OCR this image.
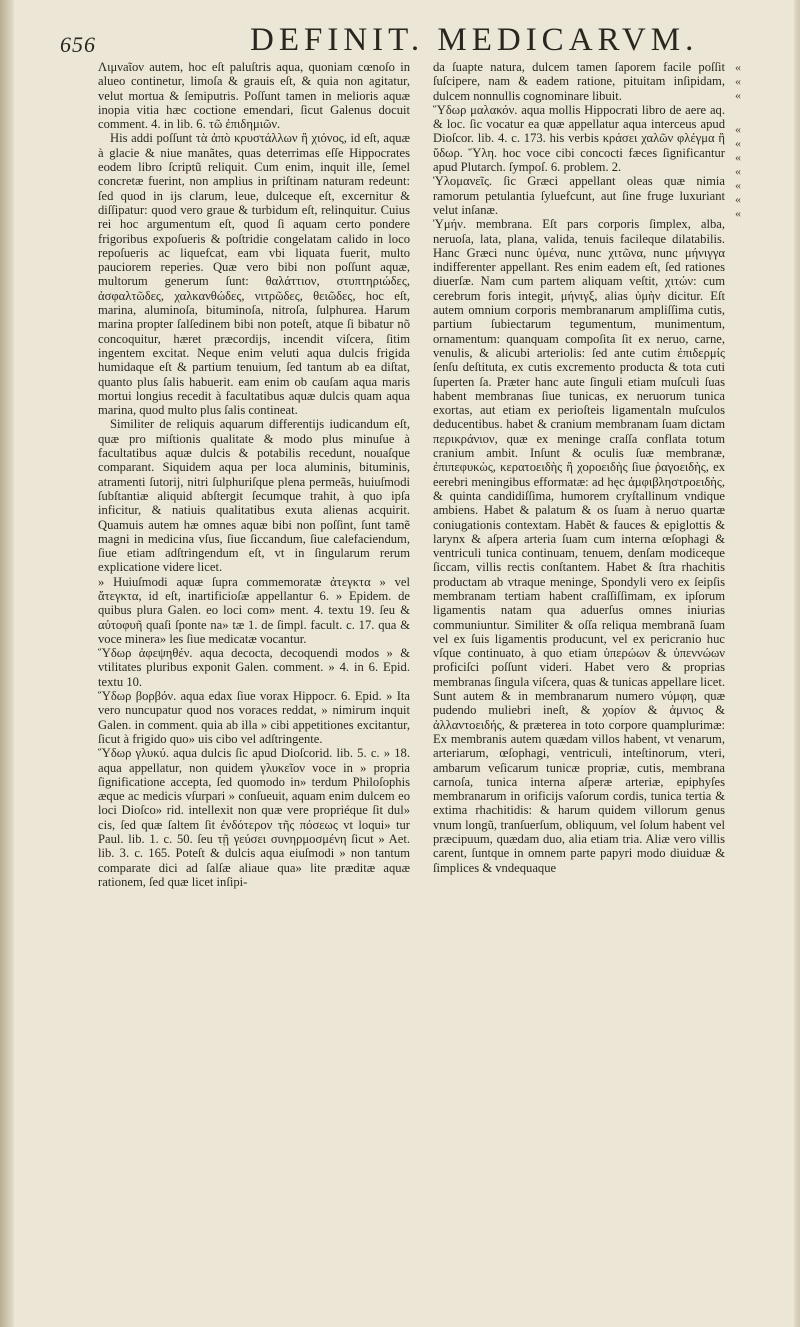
656	DEFINIT. MEDICARVM.

Λιμνaῖον autem, hoc eſt paluſtris aqua, quoniam cœnoſo in alueo continetur, limoſa & grauis eſt, & quia non agitatur, velut mortua & ſemiputris. Poſſunt tamen in melioris aquæ inopia vitia hæc coctione emendari, ſicut Galenus docuit comment. 4. in lib. 6. τῶ ἐπιδημιῶν.

His addi poſſunt τὰ ἀπὸ κρυστάλλων ἢ χιόνος, id eſt, aquæ à glacie & niue manãtes, quas deterrimas eſſe Hippocrates eodem libro ſcriptũ reliquit. Cum enim, inquit ille, ſemel concretæ fuerint, non amplius in priſtinam naturam redeunt: ſed quod in ijs clarum, leue, dulceque eſt, excernitur & diſſipatur: quod vero graue & turbidum eſt, relinquitur. Cuius rei hoc argumentum eſt, quod ſi aquam certo pondere frigoribus expoſueris & poſtridie congelatam calido in loco repoſueris ac liquefcat, eam vbi liquata fuerit, multo pauciorem reperies. Quæ vero bibi non poſſunt aquæ, multorum generum ſunt: θαλάττιον, στυπτηριώδες, ἀσφαλτῶδες, χαλκανθώδες, νιτρῶδες, θειῶδες, hoc eſt, marina, aluminoſa, bituminoſa, nitroſa, ſulphurea. Harum marina propter ſalſedinem bibi non poteſt, atque ſi bibatur nõ concoquitur, hæret præcordijs, incendit viſcera, ſitim ingentem excitat. Neque enim veluti aqua dulcis frigida humidaque eſt & partium tenuium, ſed tantum ab ea diſtat, quanto plus ſalis habuerit. eam enim ob cauſam aqua maris mortui longius recedit à facultatibus aquæ dulcis quam aqua marina, quod multo plus ſalis contineat.

Similiter de reliquis aquarum differentijs iudicandum eſt, quæ pro miſtionis qualitate & modo plus minuſue à facultatibus aquæ dulcis & potabilis recedunt, nouaſque comparant. Siquidem aqua per loca aluminis, bituminis, atramenti ſutorij, nitri ſulphuriſque plena permeãs, huiuſmodi ſubſtantiæ aliquid abſtergit ſecumque trahit, à quo ipſa inficitur, & natiuis qualitatibus exuta alienas acquirit. Quamuis autem hæ omnes aquæ bibi non poſſint, ſunt tamẽ magni in medicina vſus, ſiue ſiccandum, ſiue calefaciendum, ſiue etiam adſtringendum eſt, vt in ſingularum rerum explicatione videre licet.

» Huiuſmodi aquæ ſupra commemoratæ ἀτεγκτα » vel ἄτεγκτα, id eſt, inartificioſæ appellantur 6. » Epidem. de quibus plura Galen. eo loci com» ment. 4. textu 19. ſeu & αὐτοφυῆ quaſi ſponte na» tæ 1. de ſimpl. facult. c. 17. qua & voce minera» les ſiue medicatæ vocantur.

Ὕδωρ ἀφεψηθέν. aqua decocta, decoquendi modos » & vtilitates pluribus exponit Galen. comment. » 4. in 6. Epid. textu 10.

Ὕδωρ βορβόν. aqua edax ſiue vorax Hippocr. 6. Epid. » Ita vero nuncupatur quod nos voraces reddat, » nimirum inquit Galen. in comment. quia ab illa » cibi appetitiones excitantur, ſicut à frigido quo» uis cibo vel adſtringente.

Ὕδωρ γλυκύ. aqua dulcis ſic apud Dioſcorid. lib. 5. c. » 18. aqua appellatur, non quidem γλυκεῖον voce in » propria ſignificatione accepta, ſed quomodo in» terdum Philoſophis æque ac medicis vſurpari » conſueuit, aquam enim dulcem eo loci Dioſco» rid. intellexit non quæ vere propriéque ſit dul» cis, ſed quæ ſaltem ſit ἐνδότερον τῆς πόσεως vt loqui» tur Paul. lib. 1. c. 50. ſeu τῇ γεύσει συνηρμοσμένη ſicut » Aet. lib. 3. c. 165. Poteſt & dulcis aqua eiuſmodi » non tantum comparate dici ad ſalſæ aliaue qua» lite præditæ aquæ rationem, ſed quæ licet inſipi-

da ſuapte natura, dulcem tamen ſaporem facile poſſit ſuſcipere, nam & eadem ratione, pituitam inſipidam, dulcem nonnullis cognominare libuit.

Ὕδωρ μαλακόν. aqua mollis Hippocrati libro de aere aq. & loc. ſic vocatur ea quæ appellatur aqua interceus apud Dioſcor. lib. 4. c. 173. his verbis κράσει χαλῶν φλέγμα ἢ ὕδωρ. Ὕλη. hoc voce cibi concocti fæces ſignificantur apud Plutarch. ſympoſ. 6. problem. 2.

Ὑλομανεῖς. ſic Græci appellant oleas quæ nimia ramorum petulantia ſyluefcunt, aut ſine fruge luxuriant velut inſanæ.

Ὑμήν. membrana. Eſt pars corporis ſimplex, alba, neruoſa, lata, plana, valida, tenuis facileque dilatabilis. Hanc Græci nunc ὑμένα, nunc χιτῶνα, nunc μήνιγγα indifferenter appellant. Res enim eadem eſt, ſed rationes diuerſæ. Nam cum partem aliquam veſtit, χιτών: cum cerebrum foris integit, μήνιγξ, alias ὑμὴν dicitur. Eſt autem omnium corporis membranarum ampliſſima cutis, partium ſubiectarum tegumentum, munimentum, ornamentum: quanquam compoſita ſit ex neruo, carne, venulis, & alicubi arteriolis: ſed ante cutim ἐπιδερμίς ſenſu deſtituta, ex cutis excremento producta & tota cuti ſuperten ſa. Præter hanc aute ſinguli etiam muſculi ſuas habent membranas ſiue tunicas, ex neruorum tunica exortas, aut etiam ex perioſteis ligamentaln muſculos deducentibus. habet & cranium membranam ſuam dictam περικράνιον, quæ ex meninge craſſa conflata totum cranium ambit. Inſunt & oculis ſuæ membranæ, ἐπιπεφυκὼς, κερατοειδὴς ἢ χοροειδὴς ſiue ῥαγοειδὴς, ex eerebri meningibus efformatæ: ad hęc ἀμφιβληστροειδὴς, & quinta candidiſſima, humorem cryſtallinum vndique ambiens. Habet & palatum & os ſuam à neruo quartæ coniugationis contextam. Habẽt & fauces & epiglottis & larynx & aſpera arteria ſuam cum interna œſophagi & ventriculi tunica continuam, tenuem, denſam modiceque ſiccam, villis rectis conſtantem. Habet & ſtra rhachitis productam ab vtraque meninge, Spondyli vero ex ſeipſis membranam tertiam habent craſſiſſimam, ex ipſorum ligamentis natam qua aduerſus omnes iniurias communiuntur. Similiter & oſſa reliqua membranã ſuam vel ex ſuis ligamentis producunt, vel ex pericranio huc vſque continuato, à quo etiam ὑπερώων & ὑπεννώων proficiſci poſſunt videri. Habet vero & proprias membranas ſingula viſcera, quas & tunicas appellare licet. Sunt autem & in membranarum numero νύμφη, quæ pudendo muliebri ineſt, & χορίον & ἀμνιος & ἀλλαντοειδής, & præterea in toto corpore quamplurimæ: Ex membranis autem quædam villos habent, vt venarum, arteriarum, œſophagi, ventriculi, inteſtinorum, vteri, ambarum veſicarum tunicæ propriæ, cutis, membrana carnoſa, tunica interna aſperæ arteriæ, epiphyſes membranarum in orificijs vaſorum cordis, tunica tertia & extima rhachitidis: & harum quidem villorum genus vnum longũ, tranſuerſum, obliquum, vel ſolum habent vel præcipuum, quædam duo, alia etiam tria. Aliæ vero villis carent, ſuntque in omnem parte papyri modo diuiduæ & ſimplices & vndequaque

«
«
«
«
«
«
«
«
«
«
